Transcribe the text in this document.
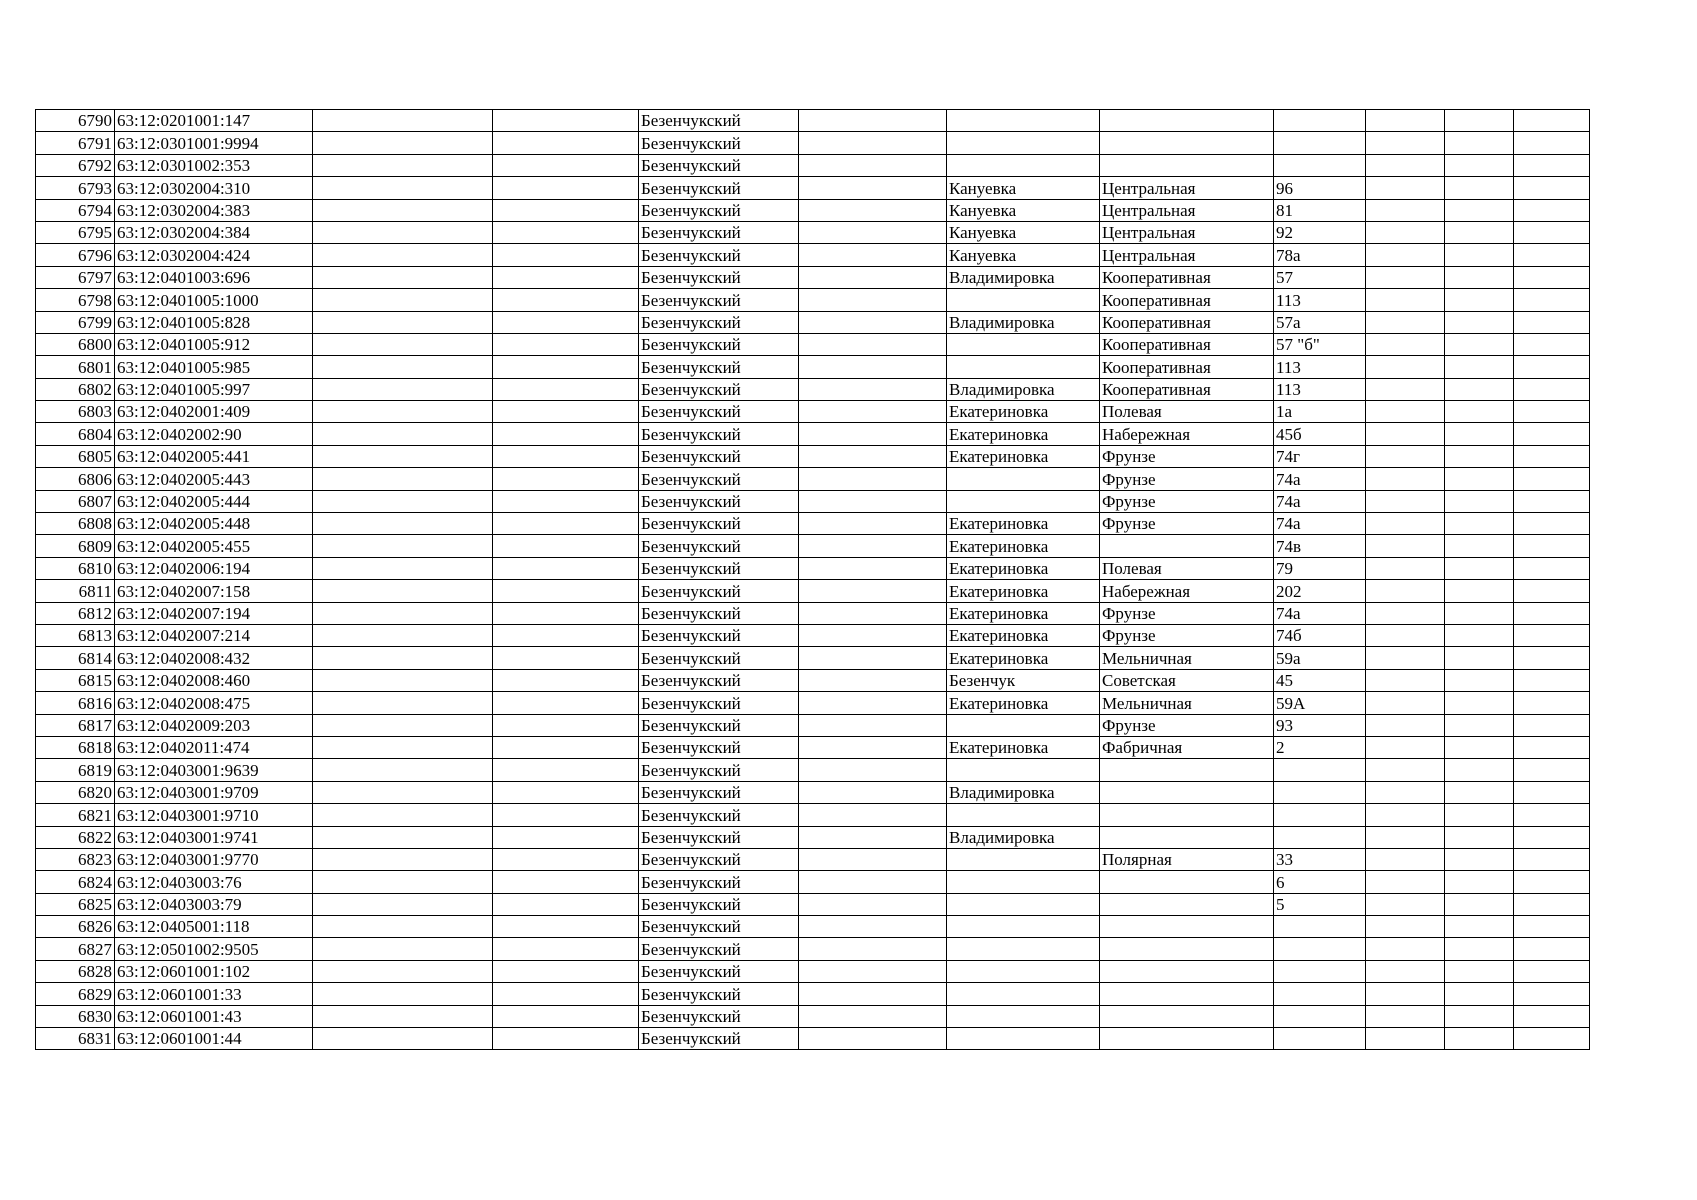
6790	63:12:0201001:147			Безенчукский							
6791	63:12:0301001:9994			Безенчукский							
6792	63:12:0301002:353			Безенчукский							
6793	63:12:0302004:310			Безенчукский		Кануевка	Центральная	96			
6794	63:12:0302004:383			Безенчукский		Кануевка	Центральная	81			
6795	63:12:0302004:384			Безенчукский		Кануевка	Центральная	92			
6796	63:12:0302004:424			Безенчукский		Кануевка	Центральная	78а			
6797	63:12:0401003:696			Безенчукский		Владимировка	Кооперативная	57			
6798	63:12:0401005:1000			Безенчукский			Кооперативная	113			
6799	63:12:0401005:828			Безенчукский		Владимировка	Кооперативная	57а			
6800	63:12:0401005:912			Безенчукский			Кооперативная	57 "б"			
6801	63:12:0401005:985			Безенчукский			Кооперативная	113			
6802	63:12:0401005:997			Безенчукский		Владимировка	Кооперативная	113			
6803	63:12:0402001:409			Безенчукский		Екатериновка	Полевая	1а			
6804	63:12:0402002:90			Безенчукский		Екатериновка	Набережная	45б			
6805	63:12:0402005:441			Безенчукский		Екатериновка	Фрунзе	74г			
6806	63:12:0402005:443			Безенчукский			Фрунзе	74а			
6807	63:12:0402005:444			Безенчукский			Фрунзе	74а			
6808	63:12:0402005:448			Безенчукский		Екатериновка	Фрунзе	74а			
6809	63:12:0402005:455			Безенчукский		Екатериновка		74в			
6810	63:12:0402006:194			Безенчукский		Екатериновка	Полевая	79			
6811	63:12:0402007:158			Безенчукский		Екатериновка	Набережная	202			
6812	63:12:0402007:194			Безенчукский		Екатериновка	Фрунзе	74а			
6813	63:12:0402007:214			Безенчукский		Екатериновка	Фрунзе	74б			
6814	63:12:0402008:432			Безенчукский		Екатериновка	Мельничная	59а			
6815	63:12:0402008:460			Безенчукский		Безенчук	Советская	45			
6816	63:12:0402008:475			Безенчукский		Екатериновка	Мельничная	59А			
6817	63:12:0402009:203			Безенчукский			Фрунзе	93			
6818	63:12:0402011:474			Безенчукский		Екатериновка	Фабричная	2			
6819	63:12:0403001:9639			Безенчукский							
6820	63:12:0403001:9709			Безенчукский		Владимировка					
6821	63:12:0403001:9710			Безенчукский							
6822	63:12:0403001:9741			Безенчукский		Владимировка					
6823	63:12:0403001:9770			Безенчукский			Полярная	33			
6824	63:12:0403003:76			Безенчукский				6			
6825	63:12:0403003:79			Безенчукский				5			
6826	63:12:0405001:118			Безенчукский							
6827	63:12:0501002:9505			Безенчукский							
6828	63:12:0601001:102			Безенчукский							
6829	63:12:0601001:33			Безенчукский							
6830	63:12:0601001:43			Безенчукский							
6831	63:12:0601001:44			Безенчукский							
